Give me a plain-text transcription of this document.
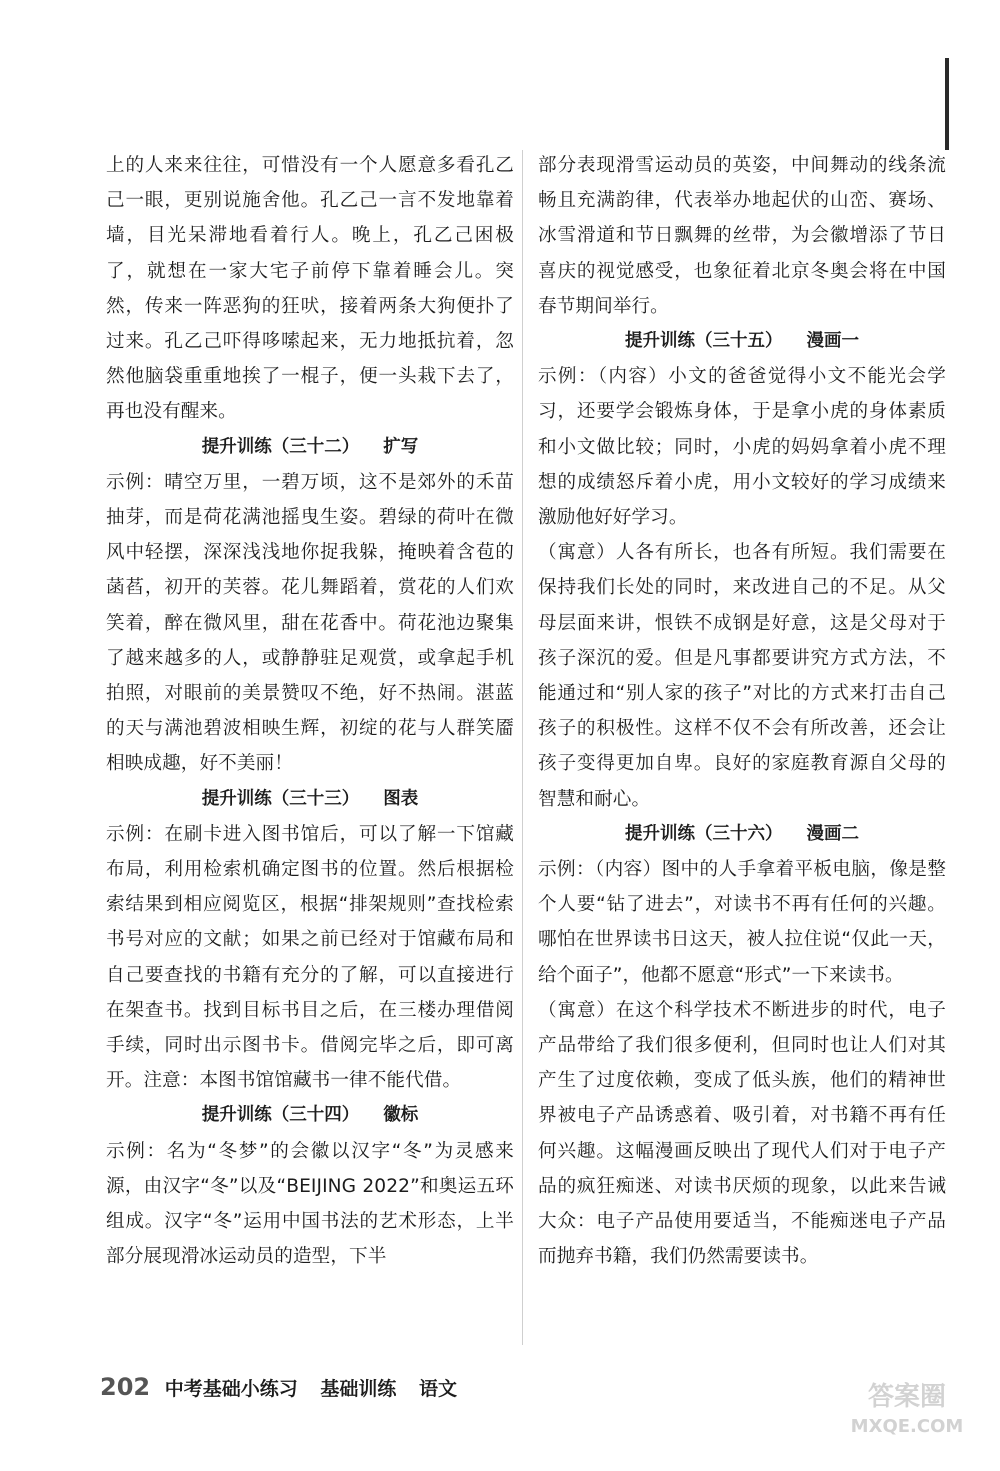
上的人来来往往，可惜没有一个人愿意多看孔乙己一眼，更别说施舍他。孔乙己一言不发地靠着墙，目光呆滞地看着行人。晚上，孔乙己困极了，就想在一家大宅子前停下靠着睡会儿。突然，传来一阵恶狗的狂吠，接着两条大狗便扑了过来。孔乙己吓得哆嗦起来，无力地抵抗着，忽然他脑袋重重地挨了一棍子，便一头栽下去了，再也没有醒来。

提升训练（三十二） 扩写

示例：晴空万里，一碧万顷，这不是郊外的禾苗抽芽，而是荷花满池摇曳生姿。碧绿的荷叶在微风中轻摆，深深浅浅地你捉我躲，掩映着含苞的菡萏，初开的芙蓉。花儿舞蹈着，赏花的人们欢笑着，醉在微风里，甜在花香中。荷花池边聚集了越来越多的人，或静静驻足观赏，或拿起手机拍照，对眼前的美景赞叹不绝，好不热闹。湛蓝的天与满池碧波相映生辉，初绽的花与人群笑靥相映成趣，好不美丽！

提升训练（三十三） 图表

示例：在刷卡进入图书馆后，可以了解一下馆藏布局，利用检索机确定图书的位置。然后根据检索结果到相应阅览区，根据“排架规则”查找检索书号对应的文献；如果之前已经对于馆藏布局和自己要查找的书籍有充分的了解，可以直接进行在架查书。找到目标书目之后，在三楼办理借阅手续，同时出示图书卡。借阅完毕之后，即可离开。注意：本图书馆馆藏书一律不能代借。

提升训练（三十四） 徽标

示例：名为“冬梦”的会徽以汉字“冬”为灵感来源，由汉字“冬”以及“BEIJING 2022”和奥运五环组成。汉字“冬”运用中国书法的艺术形态，上半部分展现滑冰运动员的造型，下半

部分表现滑雪运动员的英姿，中间舞动的线条流畅且充满韵律，代表举办地起伏的山峦、赛场、冰雪滑道和节日飘舞的丝带，为会徽增添了节日喜庆的视觉感受，也象征着北京冬奥会将在中国春节期间举行。

提升训练（三十五） 漫画一

示例：（内容）小文的爸爸觉得小文不能光会学习，还要学会锻炼身体，于是拿小虎的身体素质和小文做比较；同时，小虎的妈妈拿着小虎不理想的成绩怒斥着小虎，用小文较好的学习成绩来激励他好好学习。

（寓意）人各有所长，也各有所短。我们需要在保持我们长处的同时，来改进自己的不足。从父母层面来讲，恨铁不成钢是好意，这是父母对于孩子深沉的爱。但是凡事都要讲究方式方法，不能通过和“别人家的孩子”对比的方式来打击自己孩子的积极性。这样不仅不会有所改善，还会让孩子变得更加自卑。良好的家庭教育源自父母的智慧和耐心。

提升训练（三十六） 漫画二

示例：（内容）图中的人手拿着平板电脑，像是整个人要“钻了进去”，对读书不再有任何的兴趣。哪怕在世界读书日这天，被人拉住说“仅此一天，给个面子”，他都不愿意“形式”一下来读书。

（寓意）在这个科学技术不断进步的时代，电子产品带给了我们很多便利，但同时也让人们对其产生了过度依赖，变成了低头族，他们的精神世界被电子产品诱惑着、吸引着，对书籍不再有任何兴趣。这幅漫画反映出了现代人们对于电子产品的疯狂痴迷、对读书厌烦的现象，以此来告诫大众：电子产品使用要适当，不能痴迷电子产品而抛弃书籍，我们仍然需要读书。

202 中考基础小练习 基础训练 语文	答案圈
MXQE.COM
